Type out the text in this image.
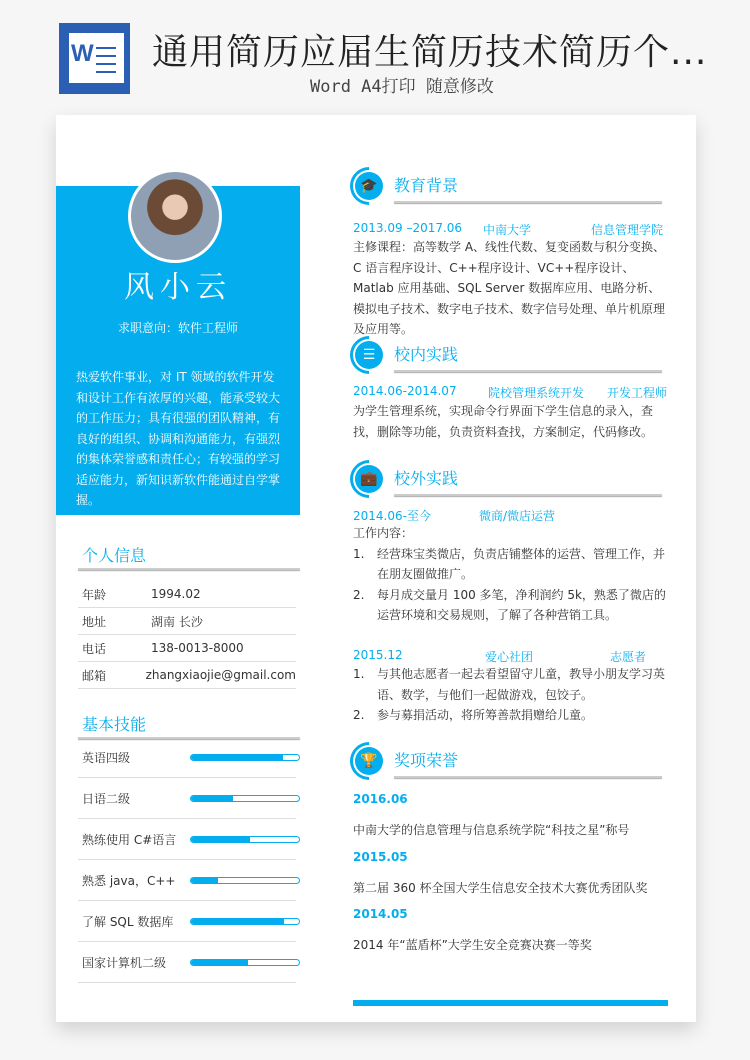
W 通用简历应届生简历技术简历个...
Word A4打印 随意修改
风小云
求职意向：软件工程师
热爱软件事业，对 IT 领域的软件开发和设计工作有浓厚的兴趣，能承受较大的工作压力；具有很强的团队精神，有良好的组织、协调和沟通能力，有强烈的集体荣誉感和责任心；有较强的学习适应能力，新知识新软件能通过自学掌握。
个人信息
年龄	1994.02
地址	湖南 长沙
电话	138-0013-8000
邮箱	zhangxiaojie@gmail.com
基本技能
英语四级
日语二级
熟练使用 C#语言
熟悉 java，C++
了解 SQL 数据库
国家计算机二级
🎓	教育背景
2013.09 –2017.06 中南大学	信息管理学院
主修课程：高等数学 A、线性代数、复变函数与积分变换、C 语言程序设计、C++程序设计、VC++程序设计、Matlab 应用基础、SQL Server 数据库应用、电路分析、模拟电子技术、数字电子技术、数字信号处理、单片机原理及应用等。
☰	校内实践
2014.06-2014.07	院校管理系统开发 开发工程师
为学生管理系统，实现命令行界面下学生信息的录入，查找，删除等功能，负责资料查找，方案制定，代码修改。
💼	校外实践
2014.06-至今	微商/微店运营
工作内容：
1.	经营珠宝类微店，负责店铺整体的运营、管理工作，并在朋友圈做推广。
2.	每月成交量月 100 多笔，净利润约 5k，熟悉了微店的运营环境和交易规则，了解了各种营销工具。
2015.12	爱心社团	志愿者
1.	与其他志愿者一起去看望留守儿童，教导小朋友学习英语、数学，与他们一起做游戏，包饺子。
2.	参与募捐活动，将所筹善款捐赠给儿童。
🏆	奖项荣誉
2016.06
中南大学的信息管理与信息系统学院“科技之星”称号
2015.05
第二届 360 杯全国大学生信息安全技术大赛优秀团队奖
2014.05
2014 年“蓝盾杯”大学生安全竞赛决赛一等奖
